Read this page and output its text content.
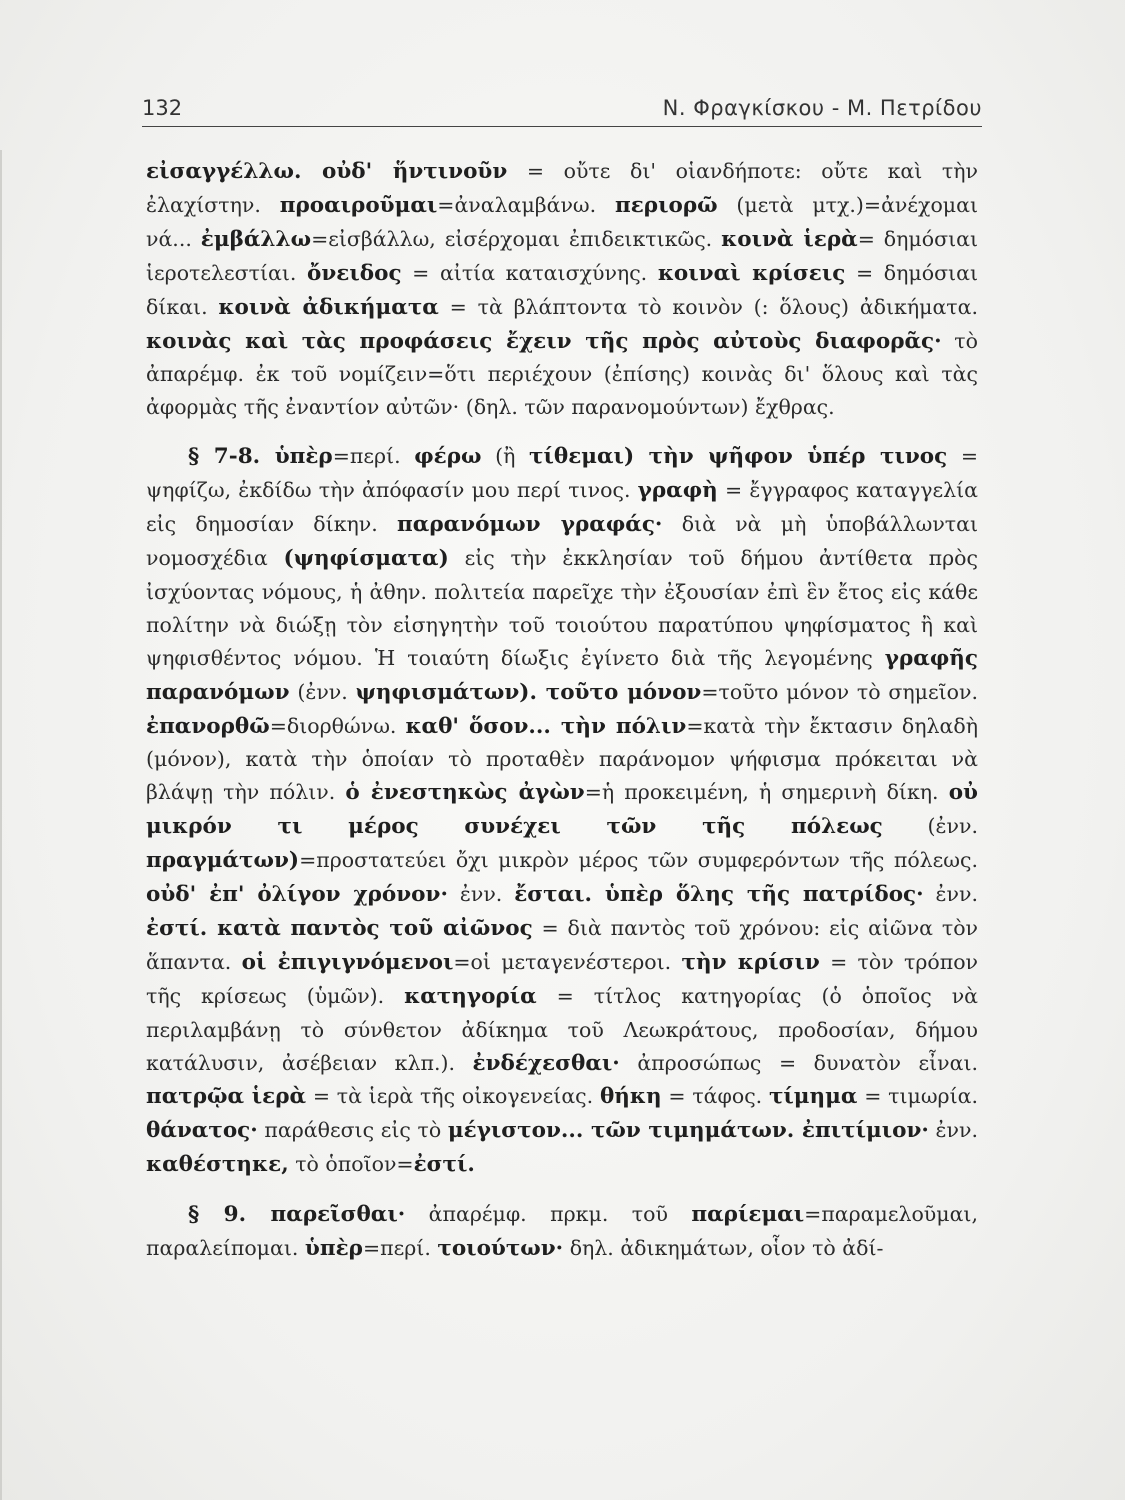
132	Ν. Φραγκίσκου - Μ. Πετρίδου

εἰσαγγέλλω. οὐδ' ἥντινοῦν = οὔτε δι' οἱανδήποτε: οὔτε καὶ τὴν ἐλαχίστην. προαιροῦμαι=ἀναλαμβάνω. περιορῶ (μετὰ μτχ.)=ἀνέχομαι νά... ἐμβάλλω=εἰσβάλλω, εἰσέρχομαι ἐπιδεικτικῶς. κοινὰ ἱερὰ= δημόσιαι ἱεροτελεστίαι. ὄνειδος = αἰτία καταισχύνης. κοιναὶ κρίσεις = δημόσιαι δίκαι. κοινὰ ἀδικήματα = τὰ βλάπτοντα τὸ κοινὸν (: ὅλους) ἀδικήματα. κοινὰς καὶ τὰς προφάσεις ἔχειν τῆς πρὸς αὐτοὺς διαφορᾶς· τὸ ἀπαρέμφ. ἐκ τοῦ νομίζειν=ὅτι περιέχουν (ἐπίσης) κοινὰς δι' ὅλους καὶ τὰς ἀφορμὰς τῆς ἐναντίον αὐτῶν· (δηλ. τῶν παρανομούντων) ἔχθρας.

§ 7-8. ὑπὲρ=περί. φέρω (ἢ τίθεμαι) τὴν ψῆφον ὑπέρ τινος = ψηφίζω, ἐκδίδω τὴν ἀπόφασίν μου περί τινος. γραφὴ = ἔγγραφος καταγγελία εἰς δημοσίαν δίκην. παρανόμων γραφάς· διὰ νὰ μὴ ὑποβάλλωνται νομοσχέδια (ψηφίσματα) εἰς τὴν ἐκκλησίαν τοῦ δήμου ἀντίθετα πρὸς ἰσχύοντας νόμους, ἡ ἀθην. πολιτεία παρεῖχε τὴν ἐξουσίαν ἐπὶ ἓν ἔτος εἰς κάθε πολίτην νὰ διώξῃ τὸν εἰσηγητὴν τοῦ τοιούτου παρατύπου ψηφίσματος ἢ καὶ ψηφισθέντος νόμου. Ἡ τοιαύτη δίωξις ἐγίνετο διὰ τῆς λεγομένης γραφῆς παρανόμων (ἐνν. ψηφισμάτων). τοῦτο μόνον=τοῦτο μόνον τὸ σημεῖον. ἐπανορθῶ=διορθώνω. καθ' ὅσον... τὴν πόλιν=κατὰ τὴν ἔκτασιν δηλαδὴ (μόνον), κατὰ τὴν ὁποίαν τὸ προταθὲν παράνομον ψήφισμα πρόκειται νὰ βλάψῃ τὴν πόλιν. ὁ ἐνεστηκὼς ἀγὼν=ἡ προκειμένη, ἡ σημερινὴ δίκη. οὐ μικρόν τι μέρος συνέχει τῶν τῆς πόλεως (ἐνν. πραγμάτων)=προστατεύει ὄχι μικρὸν μέρος τῶν συμφερόντων τῆς πόλεως. οὐδ' ἐπ' ὀλίγον χρόνον· ἐνν. ἔσται. ὑπὲρ ὅλης τῆς πατρίδος· ἐνν. ἐστί. κατὰ παντὸς τοῦ αἰῶνος = διὰ παντὸς τοῦ χρόνου: εἰς αἰῶνα τὸν ἅπαντα. οἱ ἐπιγιγνόμενοι=οἱ μεταγενέστεροι. τὴν κρίσιν = τὸν τρόπον τῆς κρίσεως (ὑμῶν). κατηγορία = τίτλος κατηγορίας (ὁ ὁποῖος νὰ περιλαμβάνῃ τὸ σύνθετον ἀδίκημα τοῦ Λεωκράτους, προδοσίαν, δήμου κατάλυσιν, ἀσέβειαν κλπ.). ἐνδέχεσθαι· ἀπροσώπως = δυνατὸν εἶναι. πατρῷα ἱερὰ = τὰ ἱερὰ τῆς οἰκογενείας. θήκη = τάφος. τίμημα = τιμωρία. θάνατος· παράθεσις εἰς τὸ μέγιστον... τῶν τιμημάτων. ἐπιτίμιον· ἐνν. καθέστηκε, τὸ ὁποῖον=ἐστί.

§ 9. παρεῖσθαι· ἀπαρέμφ. πρκμ. τοῦ παρίεμαι=παραμελοῦμαι, παραλείπομαι. ὑπὲρ=περί. τοιούτων· δηλ. ἀδικημάτων, οἷον τὸ ἀδί-
